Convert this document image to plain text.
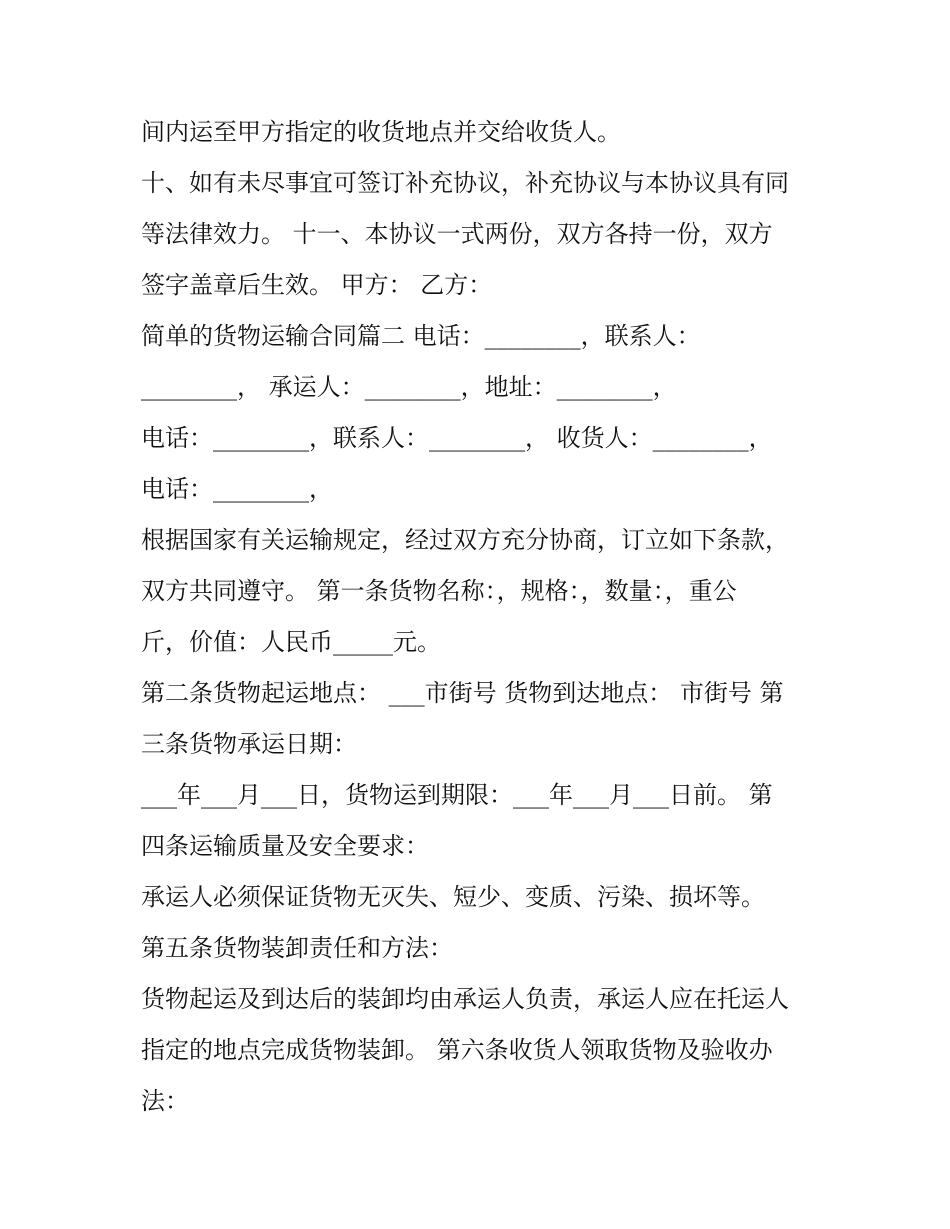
间内运至甲方指定的收货地点并交给收货人。
十、如有未尽事宜可签订补充协议，补充协议与本协议具有同
等法律效力。 十一、本协议一式两份，双方各持一份，双方
签字盖章后生效。 甲方： 乙方：
简单的货物运输合同篇二 电话：________，联系人：
________， 承运人：________，地址：________，
电话：________，联系人：________， 收货人：________，
电话：________，
根据国家有关运输规定，经过双方充分协商，订立如下条款，
双方共同遵守。 第一条货物名称：，规格：，数量：，重公
斤，价值：人民币_____元。
第二条货物起运地点： ___市街号 货物到达地点： 市街号 第
三条货物承运日期：
___年___月___日，货物运到期限：___年___月___日前。 第
四条运输质量及安全要求：
承运人必须保证货物无灭失、短少、变质、污染、损坏等。
第五条货物装卸责任和方法：
货物起运及到达后的装卸均由承运人负责，承运人应在托运人
指定的地点完成货物装卸。 第六条收货人领取货物及验收办
法：
